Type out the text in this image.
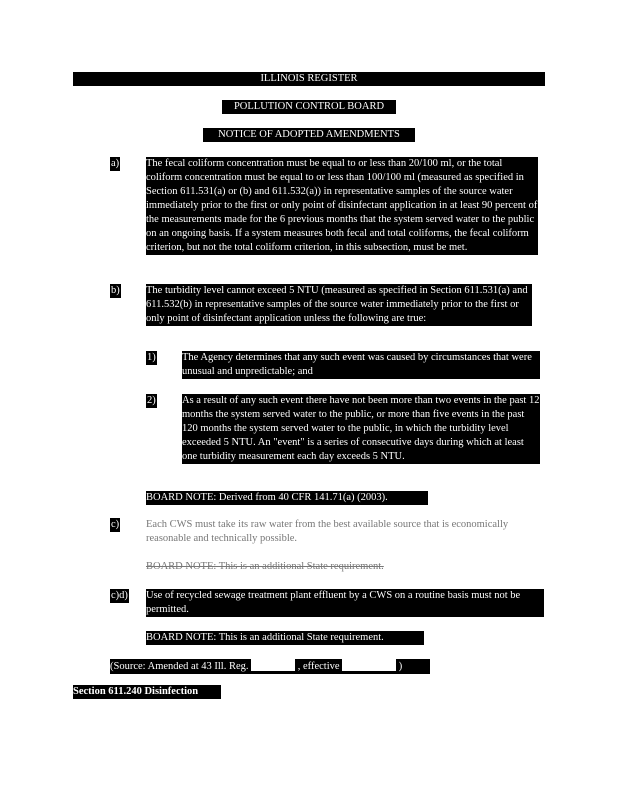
ILLINOIS REGISTER
POLLUTION CONTROL BOARD
NOTICE OF ADOPTED AMENDMENTS
a)	The fecal coliform concentration must be equal to or less than 20/100 ml, or the total coliform concentration must be equal to or less than 100/100 ml (measured as specified in Section 611.531(a) or (b) and 611.532(a)) in representative samples of the source water immediately prior to the first or only point of disinfectant application in at least 90 percent of the measurements made for the 6 previous months that the system served water to the public on an ongoing basis. If a system measures both fecal and total coliforms, the fecal coliform criterion, but not the total coliform criterion, in this subsection, must be met.
b)	The turbidity level cannot exceed 5 NTU (measured as specified in Section 611.531(a) and 611.532(b) in representative samples of the source water immediately prior to the first or only point of disinfectant application unless the following are true:
1)	The Agency determines that any such event was caused by circumstances that were unusual and unpredictable; and
2)	As a result of any such event there have not been more than two events in the past 12 months the system served water to the public, or more than five events in the past 120 months the system served water to the public, in which the turbidity level exceeded 5 NTU. An "event" is a series of consecutive days during which at least one turbidity measurement each day exceeds 5 NTU.
BOARD NOTE: Derived from 40 CFR 141.71(a) (2003).
c)	Each CWS must take its raw water from the best available source that is economically reasonable and technically possible.
BOARD NOTE: This is an additional State requirement.
c)d) Use of recycled sewage treatment plant effluent by a CWS on a routine basis must not be permitted.
BOARD NOTE: This is an additional State requirement.
(Source: Amended at 43 Ill. Reg.	, effective	)
Section 611.240 Disinfection
